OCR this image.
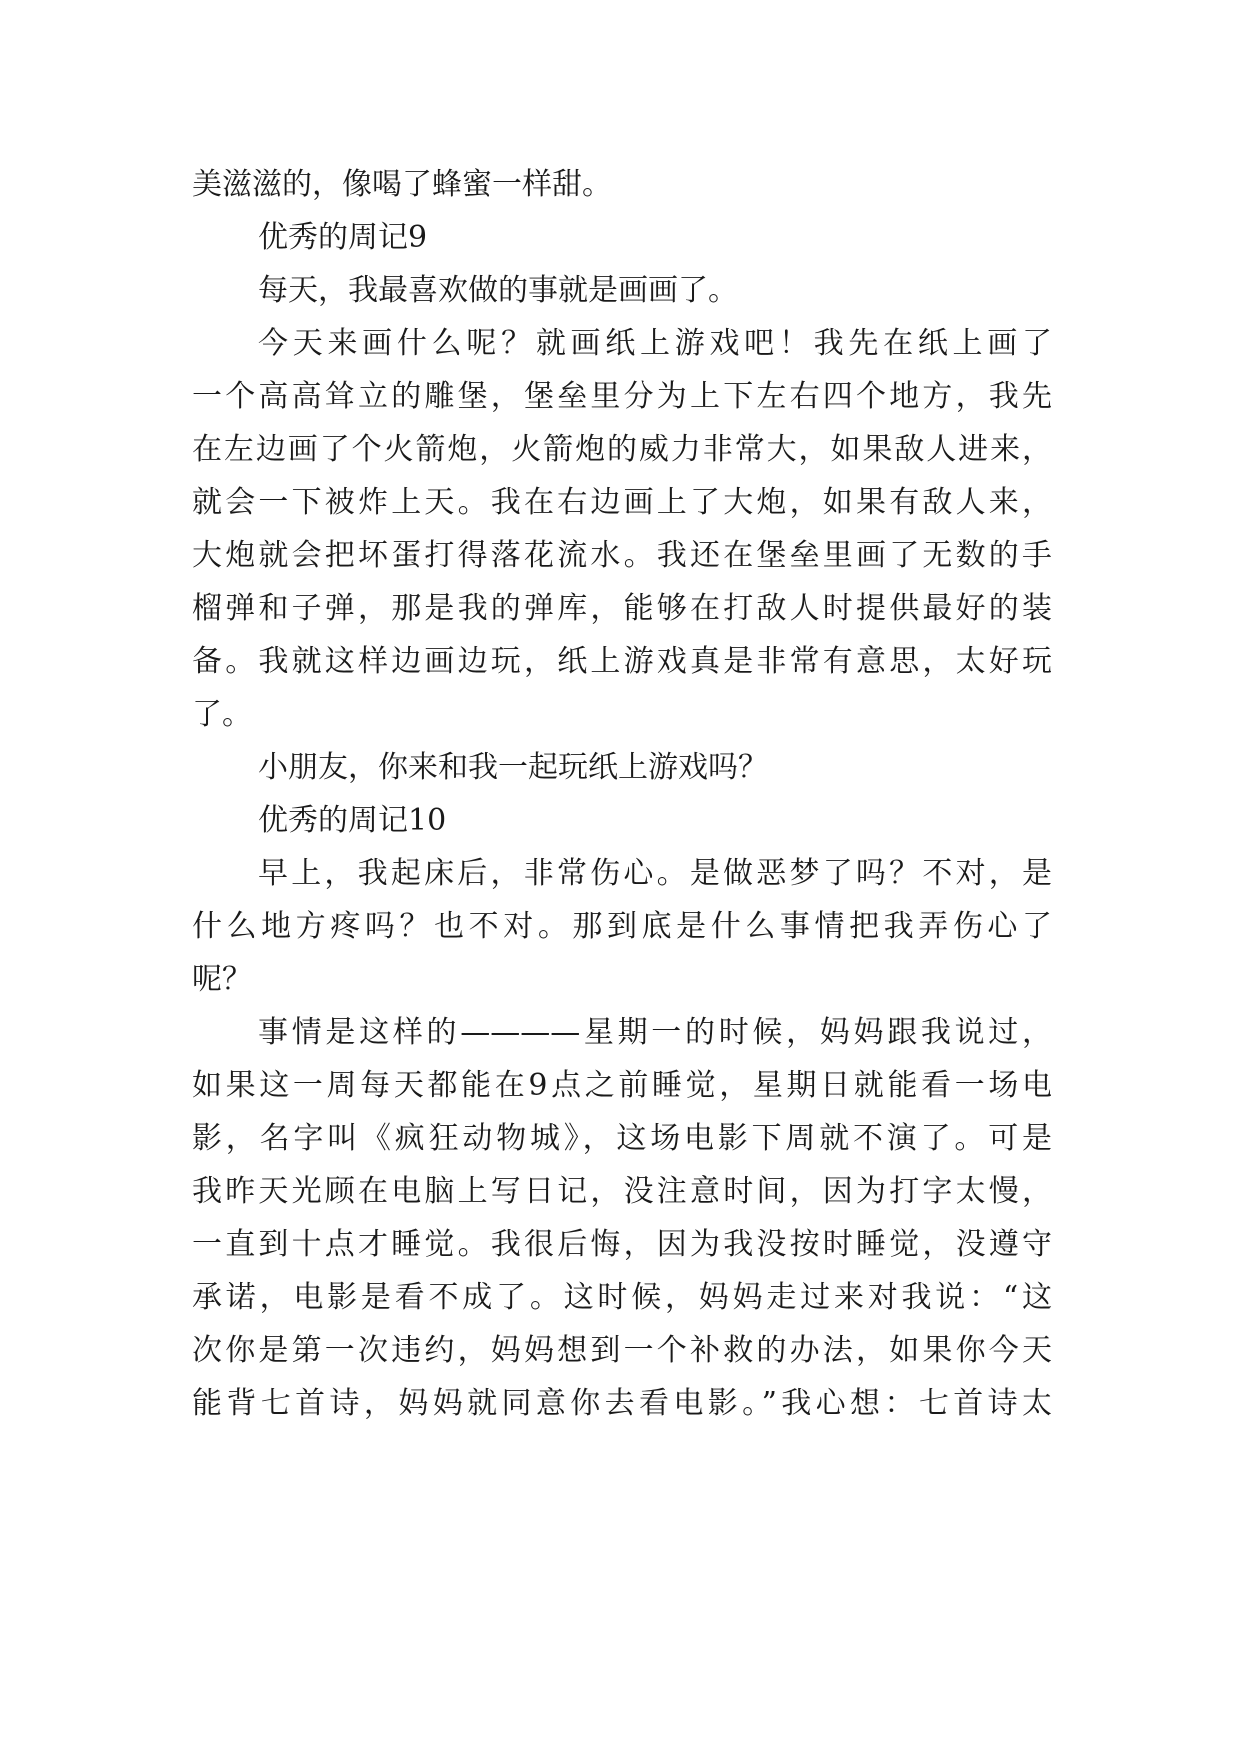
美滋滋的，像喝了蜂蜜一样甜。
优秀的周记9
每天，我最喜欢做的事就是画画了。
今天来画什么呢？就画纸上游戏吧！我先在纸上画了
一个高高耸立的雕堡，堡垒里分为上下左右四个地方，我先
在左边画了个火箭炮，火箭炮的威力非常大，如果敌人进来，
就会一下被炸上天。我在右边画上了大炮，如果有敌人来，
大炮就会把坏蛋打得落花流水。我还在堡垒里画了无数的手
榴弹和子弹，那是我的弹库，能够在打敌人时提供最好的装
备。我就这样边画边玩，纸上游戏真是非常有意思，太好玩
了。
小朋友，你来和我一起玩纸上游戏吗？
优秀的周记10
早上，我起床后，非常伤心。是做恶梦了吗？不对，是
什么地方疼吗？也不对。那到底是什么事情把我弄伤心了
呢？
事情是这样的————星期一的时候，妈妈跟我说过，
如果这一周每天都能在9点之前睡觉，星期日就能看一场电
影，名字叫《疯狂动物城》，这场电影下周就不演了。可是
我昨天光顾在电脑上写日记，没注意时间，因为打字太慢，
一直到十点才睡觉。我很后悔，因为我没按时睡觉，没遵守
承诺，电影是看不成了。这时候，妈妈走过来对我说：“这
次你是第一次违约，妈妈想到一个补救的办法，如果你今天
能背七首诗，妈妈就同意你去看电影。”我心想：七首诗太
